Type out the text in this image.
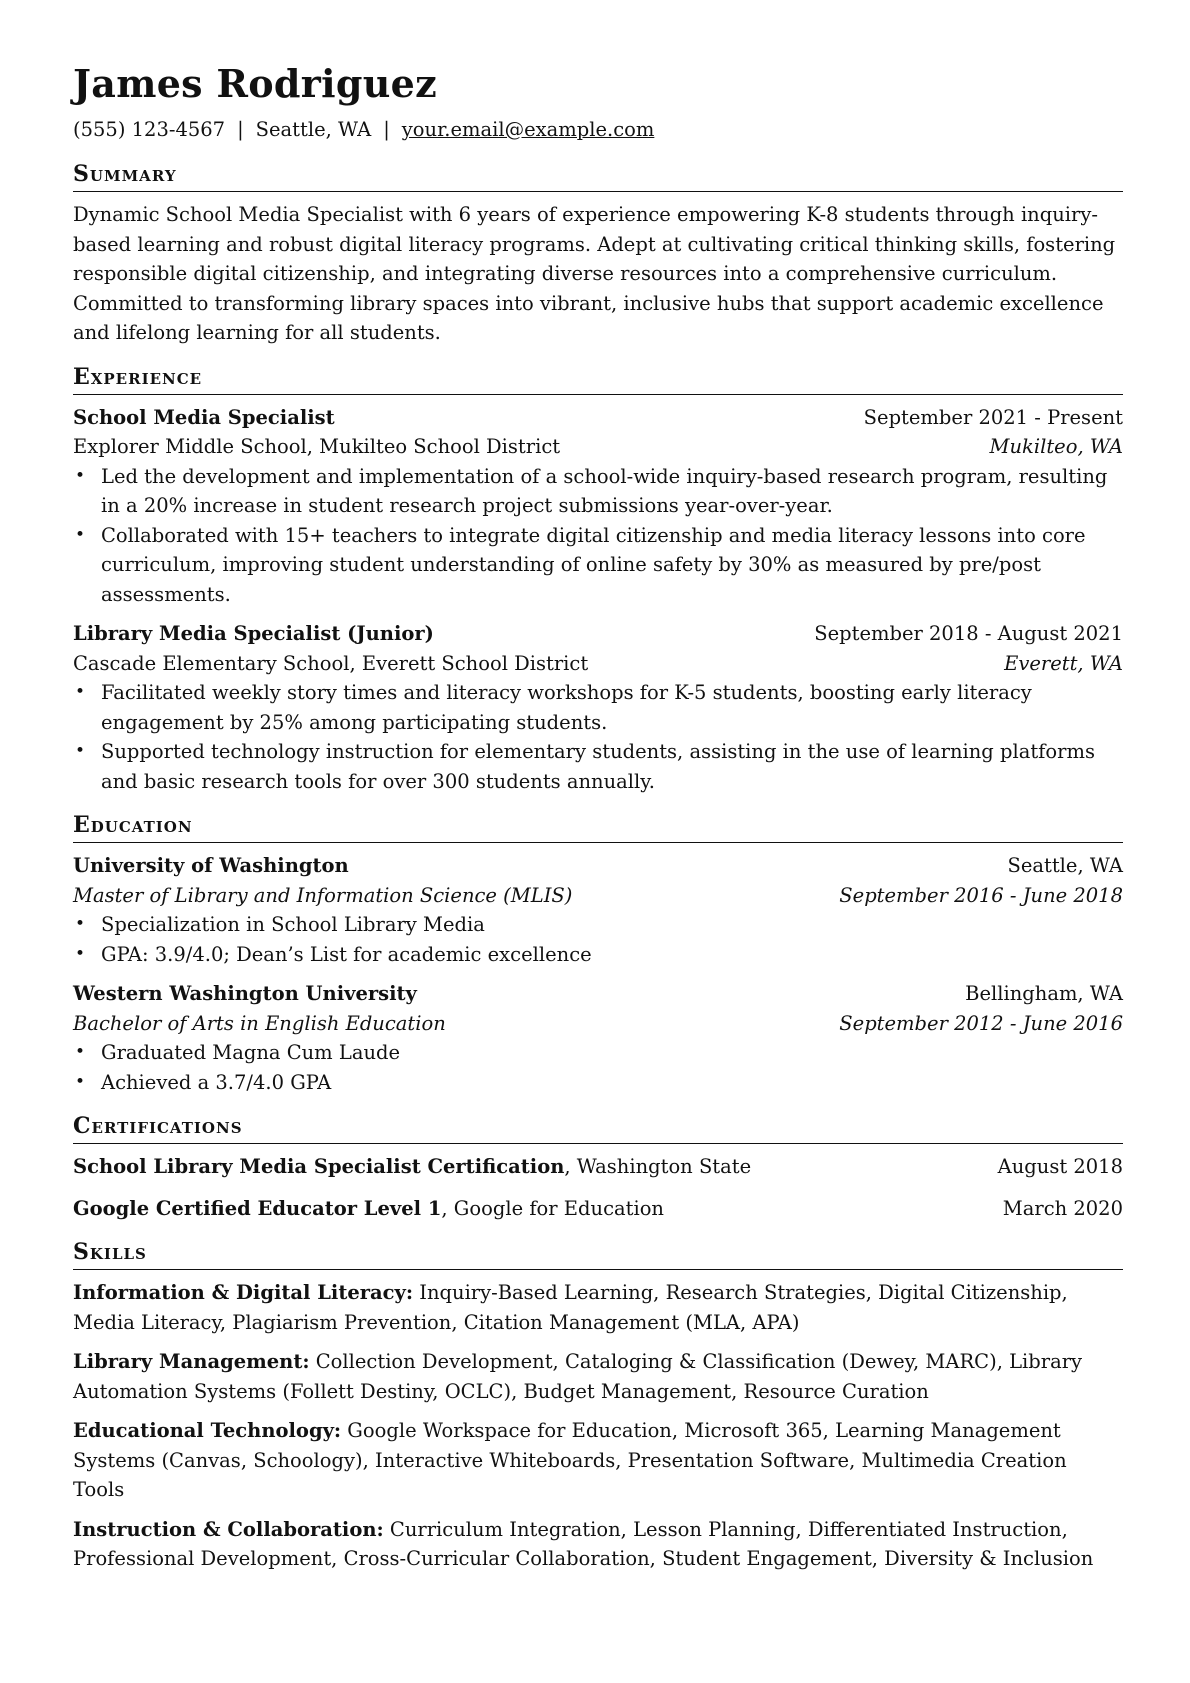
James Rodriguez
(555) 123-4567 | Seattle, WA | your.email@example.com
Summary

Dynamic School Media Specialist with 6 years of experience empowering K-8 students through inquiry-based learning and robust digital literacy programs. Adept at cultivating critical thinking skills, fostering responsible digital citizenship, and integrating diverse resources into a comprehensive curriculum. Committed to transforming library spaces into vibrant, inclusive hubs that support academic excellence and lifelong learning for all students.

Experience
School Media Specialist	September 2021 - Present
Explorer Middle School, Mukilteo School District	Mukilteo, WA
• Led the development and implementation of a school-wide inquiry-based research program, resulting in a 20% increase in student research project submissions year-over-year.
• Collaborated with 15+ teachers to integrate digital citizenship and media literacy lessons into core curriculum, improving student understanding of online safety by 30% as measured by pre/post assessments.
Library Media Specialist (Junior)	September 2018 - August 2021
Cascade Elementary School, Everett School District	Everett, WA
• Facilitated weekly story times and literacy workshops for K-5 students, boosting early literacy engagement by 25% among participating students.
• Supported technology instruction for elementary students, assisting in the use of learning platforms and basic research tools for over 300 students annually.
Education
University of Washington	Seattle, WA
Master of Library and Information Science (MLIS)	September 2016 - June 2018
• Specialization in School Library Media
• GPA: 3.9/4.0; Dean’s List for academic excellence
Western Washington University	Bellingham, WA
Bachelor of Arts in English Education	September 2012 - June 2016
• Graduated Magna Cum Laude
• Achieved a 3.7/4.0 GPA
Certifications
School Library Media Specialist Certification, Washington State	August 2018
Google Certified Educator Level 1, Google for Education	March 2020
Skills

Information & Digital Literacy: Inquiry-Based Learning, Research Strategies, Digital Citizenship, Media Literacy, Plagiarism Prevention, Citation Management (MLA, APA)

Library Management: Collection Development, Cataloging & Classification (Dewey, MARC), Library Automation Systems (Follett Destiny, OCLC), Budget Management, Resource Curation

Educational Technology: Google Workspace for Education, Microsoft 365, Learning Management Systems (Canvas, Schoology), Interactive Whiteboards, Presentation Software, Multimedia Creation Tools

Instruction & Collaboration: Curriculum Integration, Lesson Planning, Differentiated Instruction, Professional Development, Cross-Curricular Collaboration, Student Engagement, Diversity & Inclusion
